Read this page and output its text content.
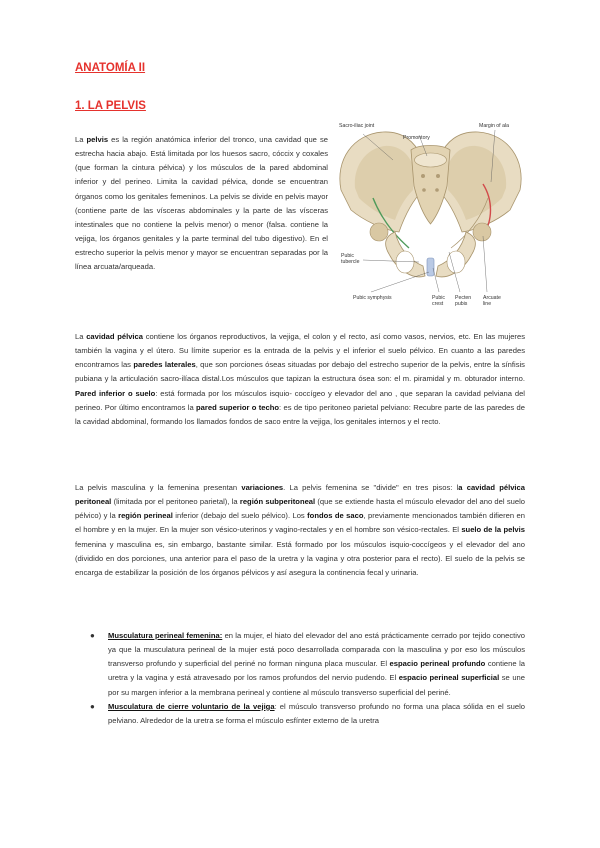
ANATOMÍA II
1. LA PELVIS

La pelvis es la región anatómica inferior del tronco, una cavidad que se estrecha hacia abajo. Está limitada por los huesos sacro, cóccix y coxales (que forman la cintura pélvica) y los músculos de la pared abdominal inferior y del perineo. Limita la cavidad pélvica, donde se encuentran órganos como los genitales femeninos. La pelvis se divide en pelvis mayor (contiene parte de las vísceras abdominales y la parte de las vísceras intestinales que no contiene la pelvis menor) o menor (falsa. contiene la vejiga, los órganos genitales y la parte terminal del tubo digestivo). En el estrecho superior la pelvis menor y mayor se encuentran separadas por la línea arcuata/arqueada.

Sacro-iliac joint
Promontory
Margin of ala
Pubic tubercle
Pubic symphysis	Pubic crest
Pecten pubis
Arcuate line

La cavidad pélvica contiene los órganos reproductivos, la vejiga, el colon y el recto, así como vasos, nervios, etc. En las mujeres también la vagina y el útero. Su límite superior es la entrada de la pelvis y el inferior el suelo pélvico. En cuanto a las paredes encontramos las paredes laterales, que son porciones óseas situadas por debajo del estrecho superior de la pelvis, entre la sínfisis pubiana y la articulación sacro-ilíaca distal.Los músculos que tapizan la estructura ósea son: el m. piramidal y m. obturador interno. Pared inferior o suelo: está formada por los músculos isquio- coccígeo y elevador del ano , que separan la cavidad pelviana del perineo. Por último encontramos la pared superior o techo: es de tipo peritoneo parietal pelviano: Recubre parte de las paredes de la cavidad abdominal, formando los llamados fondos de saco entre la vejiga, los genitales internos y el recto.

La pelvis masculina y la femenina presentan variaciones. La pelvis femenina se "divide" en tres pisos: la cavidad pélvica peritoneal (limitada por el peritoneo parietal), la región subperitoneal (que se extiende hasta el músculo elevador del ano del suelo pélvico) y la región perineal inferior (debajo del suelo pélvico). Los fondos de saco, previamente mencionados también difieren en el hombre y en la mujer. En la mujer son vésico-uterinos y vagino-rectales y en el hombre son vésico-rectales. El suelo de la pelvis femenina y masculina es, sin embargo, bastante similar. Está formado por los músculos isquio-coccígeos y el elevador del ano (dividido en dos porciones, una anterior para el paso de la uretra y la vagina y otra posterior para el recto). El suelo de la pelvis se encarga de estabilizar la posición de los órganos pélvicos y así asegura la continencia fecal y urinaria.

● Musculatura perineal femenina: en la mujer, el hiato del elevador del ano está prácticamente cerrado por tejido conectivo ya que la musculatura perineal de la mujer está poco desarrollada comparada con la masculina y por eso los músculos transverso profundo y superficial del periné no forman ninguna placa muscular. El espacio perineal profundo contiene la uretra y la vagina y está atravesado por los ramos profundos del nervio pudendo. El espacio perineal superficial se une por su margen inferior a la membrana perineal y contiene al músculo transverso superficial del periné.
● Musculatura de cierre voluntario de la vejiga: el músculo transverso profundo no forma una placa sólida en el suelo pelviano. Alrededor de la uretra se forma el músculo esfínter externo de la uretra
